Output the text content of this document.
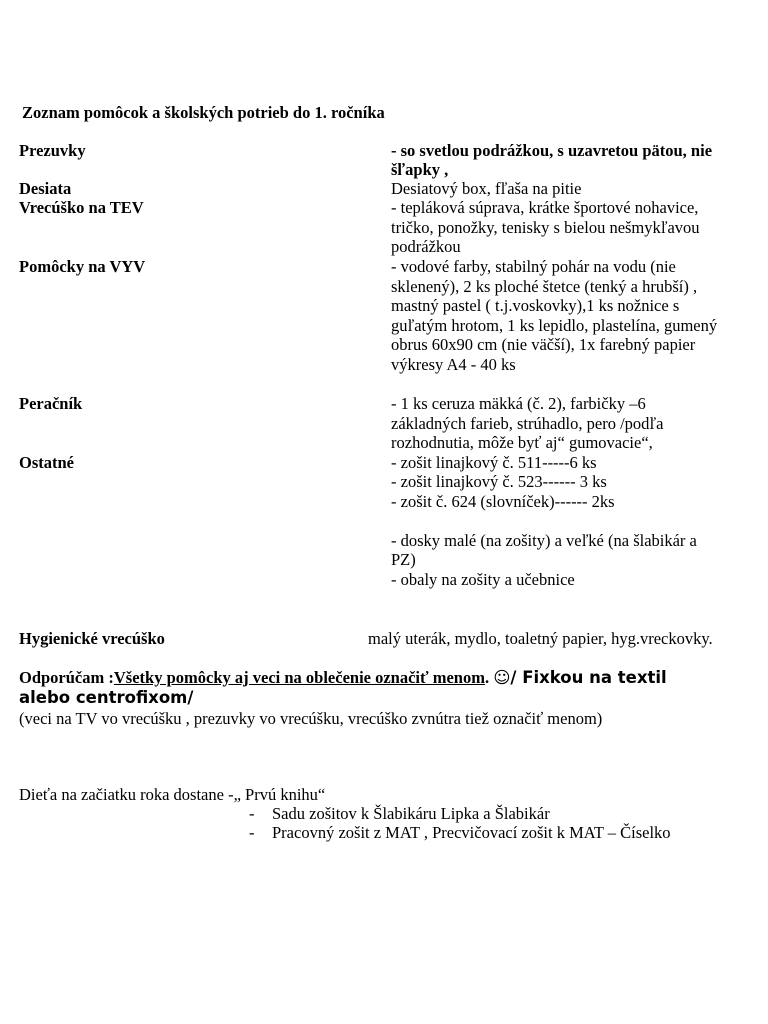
Zoznam pomôcok a školských potrieb do 1. ročníka
Prezuvky	- so svetlou podrážkou, s uzavretou pätou, nie
šľapky ,
Desiata	Desiatový box, fľaša na pitie
Vrecúško na TEV	- tepláková súprava, krátke športové nohavice,
tričko, ponožky, tenisky s bielou nešmykľavou
podrážkou
Pomôcky na VYV	- vodové farby, stabilný pohár na vodu (nie
sklenený), 2 ks ploché štetce (tenký a hrubší) ,
mastný pastel ( t.j.voskovky),1 ks nožnice s
guľatým hrotom, 1 ks lepidlo, plastelína, gumený
obrus 60x90 cm (nie väčší), 1x farebný papier
výkresy A4 - 40 ks
Peračník	- 1 ks ceruza mäkká (č. 2), farbičky –6
základných farieb, strúhadlo, pero /podľa
rozhodnutia, môže byť aj“ gumovacie“,
Ostatné	- zošit linajkový č. 511-----6 ks
- zošit linajkový č. 523------ 3 ks
- zošit č. 624 (slovníček)------ 2ks
- dosky malé (na zošity) a veľké (na šlabikár a
PZ)
- obaly na zošity a učebnice
Hygienické vrecúško	malý uterák, mydlo, toaletný papier, hyg.vreckovky.
Odporúčam :Všetky pomôcky aj veci na oblečenie označiť menom. ☺/ Fixkou na textil
alebo centrofixom/
(veci na TV vo vrecúšku , prezuvky vo vrecúšku, vrecúško zvnútra tiež označiť menom)
Dieťa na začiatku roka dostane -„ Prvú knihu“
- Sadu zošitov k Šlabikáru Lipka a Šlabikár
- Pracovný zošit z MAT , Precvičovací zošit k MAT – Číselko
